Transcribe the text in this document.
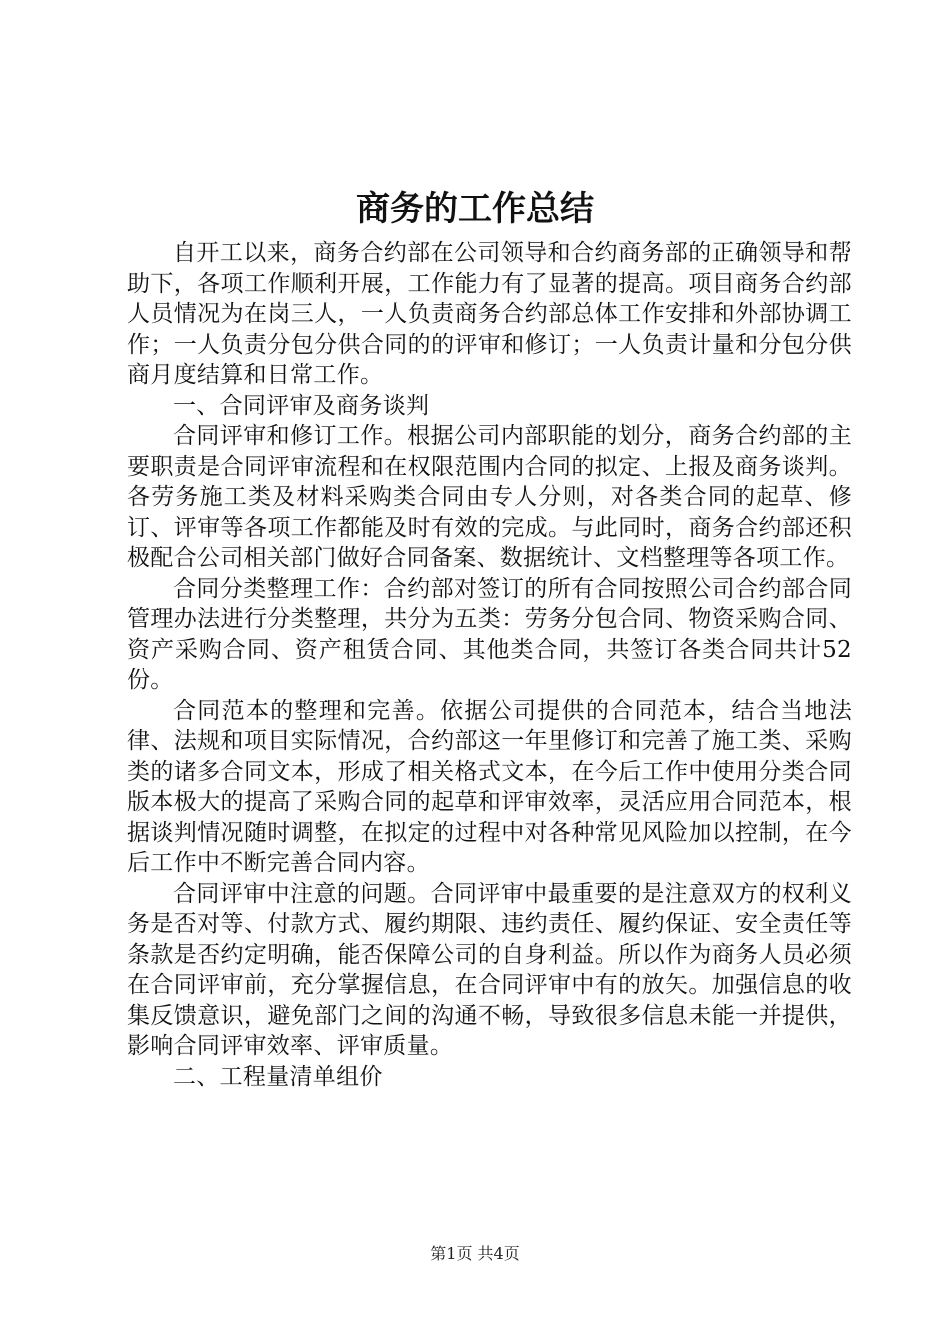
商务的工作总结

自开工以来，商务合约部在公司领导和合约商务部的正确领导和帮助下，各项工作顺利开展，工作能力有了显著的提高。项目商务合约部人员情况为在岗三人，一人负责商务合约部总体工作安排和外部协调工作；一人负责分包分供合同的的评审和修订；一人负责计量和分包分供商月度结算和日常工作。

一、合同评审及商务谈判

合同评审和修订工作。根据公司内部职能的划分，商务合约部的主要职责是合同评审流程和在权限范围内合同的拟定、上报及商务谈判。各劳务施工类及材料采购类合同由专人分则，对各类合同的起草、修订、评审等各项工作都能及时有效的完成。与此同时，商务合约部还积极配合公司相关部门做好合同备案、数据统计、文档整理等各项工作。

合同分类整理工作：合约部对签订的所有合同按照公司合约部合同管理办法进行分类整理，共分为五类：劳务分包合同、物资采购合同、资产采购合同、资产租赁合同、其他类合同，共签订各类合同共计52份。

合同范本的整理和完善。依据公司提供的合同范本，结合当地法律、法规和项目实际情况，合约部这一年里修订和完善了施工类、采购类的诸多合同文本，形成了相关格式文本，在今后工作中使用分类合同版本极大的提高了采购合同的起草和评审效率，灵活应用合同范本，根据谈判情况随时调整，在拟定的过程中对各种常见风险加以控制，在今后工作中不断完善合同内容。

合同评审中注意的问题。合同评审中最重要的是注意双方的权利义务是否对等、付款方式、履约期限、违约责任、履约保证、安全责任等条款是否约定明确，能否保障公司的自身利益。所以作为商务人员必须在合同评审前，充分掌握信息，在合同评审中有的放矢。加强信息的收集反馈意识，避免部门之间的沟通不畅，导致很多信息未能一并提供，影响合同评审效率、评审质量。

二、工程量清单组价

第1页 共4页
